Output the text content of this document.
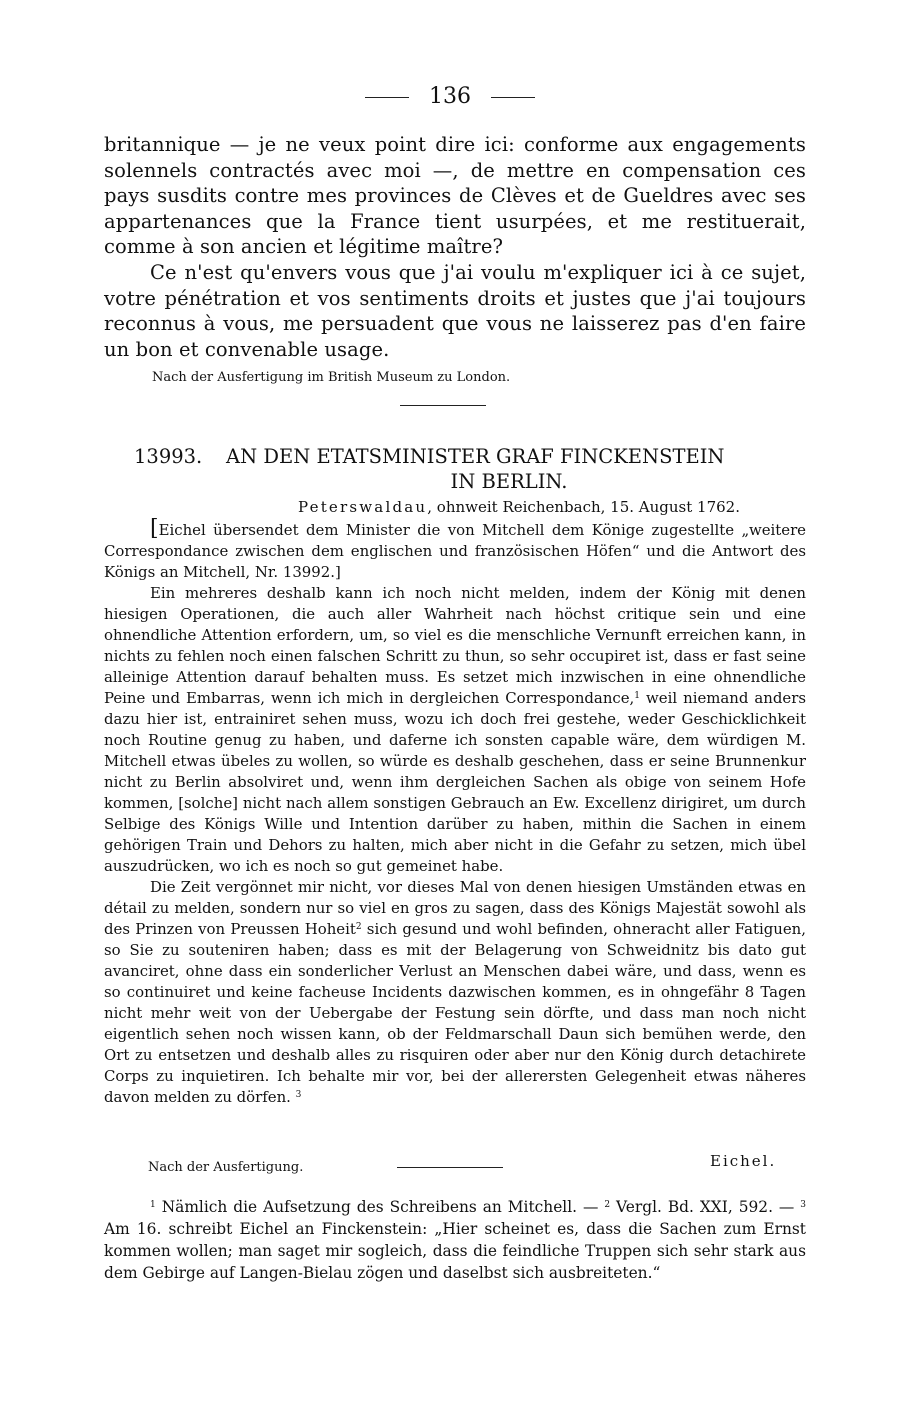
136

britannique — je ne veux point dire ici: conforme aux engagements solennels contractés avec moi —, de mettre en compensation ces pays susdits contre mes provinces de Clèves et de Gueldres avec ses appartenances que la France tient usurpées, et me restituerait, comme à son ancien et légitime maître?

Ce n'est qu'envers vous que j'ai voulu m'expliquer ici à ce sujet, votre pénétration et vos sentiments droits et justes que j'ai toujours reconnus à vous, me persuadent que vous ne laisserez pas d'en faire un bon et convenable usage.

Nach der Ausfertigung im British Museum zu London.
13993. AN DEN ETATSMINISTER GRAF FINCKENSTEIN
IN BERLIN.
Peterswaldau, ohnweit Reichenbach, 15. August 1762.

[Eichel übersendet dem Minister die von Mitchell dem Könige zugestellte „weitere Correspondance zwischen dem englischen und französischen Höfen“ und die Antwort des Königs an Mitchell, Nr. 13992.]

Ein mehreres deshalb kann ich noch nicht melden, indem der König mit denen hiesigen Operationen, die auch aller Wahrheit nach höchst critique sein und eine ohnendliche Attention erfordern, um, so viel es die menschliche Vernunft erreichen kann, in nichts zu fehlen noch einen falschen Schritt zu thun, so sehr occupiret ist, dass er fast seine alleinige Attention darauf behalten muss. Es setzet mich inzwischen in eine ohnendliche Peine und Embarras, wenn ich mich in dergleichen Correspondance,$^1$ weil niemand anders dazu hier ist, entrainiret sehen muss, wozu ich doch frei gestehe, weder Geschicklichkeit noch Routine genug zu haben, und daferne ich sonsten capable wäre, dem würdigen M. Mitchell etwas übeles zu wollen, so würde es deshalb geschehen, dass er seine Brunnenkur nicht zu Berlin absolviret und, wenn ihm dergleichen Sachen als obige von seinem Hofe kommen, [solche] nicht nach allem sonstigen Gebrauch an Ew. Excellenz dirigiret, um durch Selbige des Königs Wille und Intention darüber zu haben, mithin die Sachen in einem gehörigen Train und Dehors zu halten, mich aber nicht in die Gefahr zu setzen, mich übel auszudrücken, wo ich es noch so gut gemeinet habe.

Die Zeit vergönnet mir nicht, vor dieses Mal von denen hiesigen Umständen etwas en détail zu melden, sondern nur so viel en gros zu sagen, dass des Königs Majestät sowohl als des Prinzen von Preussen Hoheit$^2$ sich gesund und wohl befinden, ohneracht aller Fatiguen, so Sie zu souteniren haben; dass es mit der Belagerung von Schweidnitz bis dato gut avanciret, ohne dass ein sonderlicher Verlust an Menschen dabei wäre, und dass, wenn es so continuiret und keine facheuse Incidents dazwischen kommen, es in ohngefähr 8 Tagen nicht mehr weit von der Uebergabe der Festung sein dörfte, und dass man noch nicht eigentlich sehen noch wissen kann, ob der Feldmarschall Daun sich bemühen werde, den Ort zu entsetzen und deshalb alles zu risquiren oder aber nur den König durch detachirete Corps zu inquietiren. Ich behalte mir vor, bei der allerersten Gelegenheit etwas näheres davon melden zu dörfen. $^3$

Eichel.
Nach der Ausfertigung.

$^1$ Nämlich die Aufsetzung des Schreibens an Mitchell. — $^2$ Vergl. Bd. XXI, 592. — $^3$ Am 16. schreibt Eichel an Finckenstein: „Hier scheinet es, dass die Sachen zum Ernst kommen wollen; man saget mir sogleich, dass die feindliche Truppen sich sehr stark aus dem Gebirge auf Langen-Bielau zögen und daselbst sich ausbreiteten.“
